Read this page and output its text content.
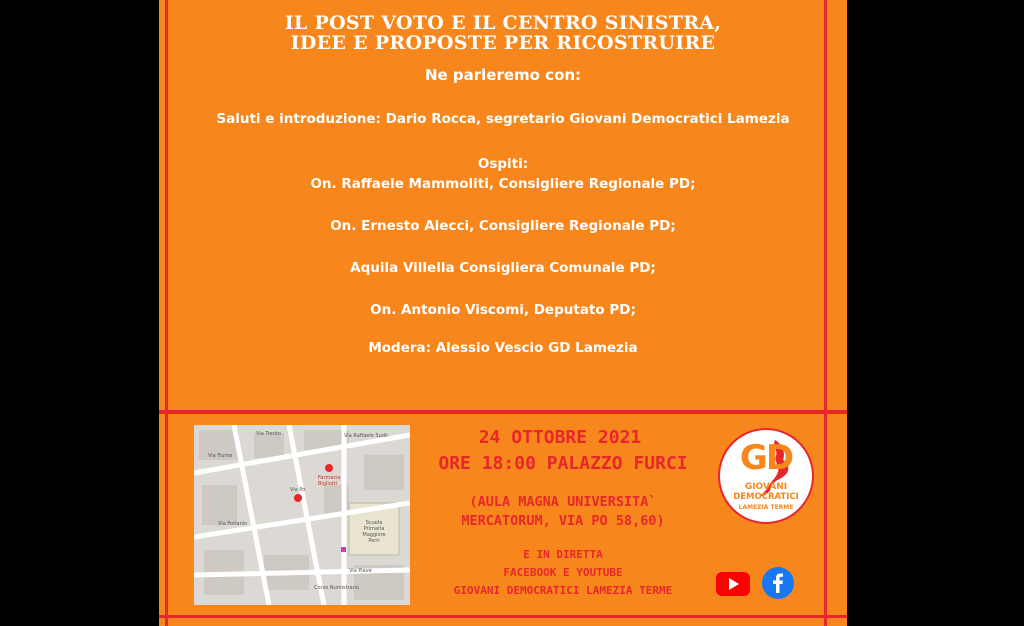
IL POST VOTO E IL CENTRO SINISTRA,
IDEE E PROPOSTE PER RICOSTRUIRE
Ne parleremo con:
Saluti e introduzione: Dario Rocca, segretario Giovani Democratici Lamezia
Ospiti:
On. Raffaele Mammoliti, Consigliere Regionale PD;
On. Ernesto Alecci, Consigliere Regionale PD;
Aquila Villella Consigliera Comunale PD;
On. Antonio Viscomi, Deputato PD;
Modera: Alessio Vescio GD Lamezia
Via Trento	Via Raffaele Sudil
Farmacia Bigliotti
Via Po
Via Fiume
Scuola Primaria Maggiore Perri
Via Forlanin
Via Piave
Corso Numistrano
24 OTTOBRE 2021
ORE 18:00 PALAZZO FURCI
(AULA MAGNA UNIVERSITA`
MERCATORUM, VIA PO 58,60)
E IN DIRETTA
FACEBOOK E YOUTUBE
GIOVANI DEMOCRATICI LAMEZIA TERME
GD
GIOVANI
DEMOCRATICI
LAMEZIA TERME
